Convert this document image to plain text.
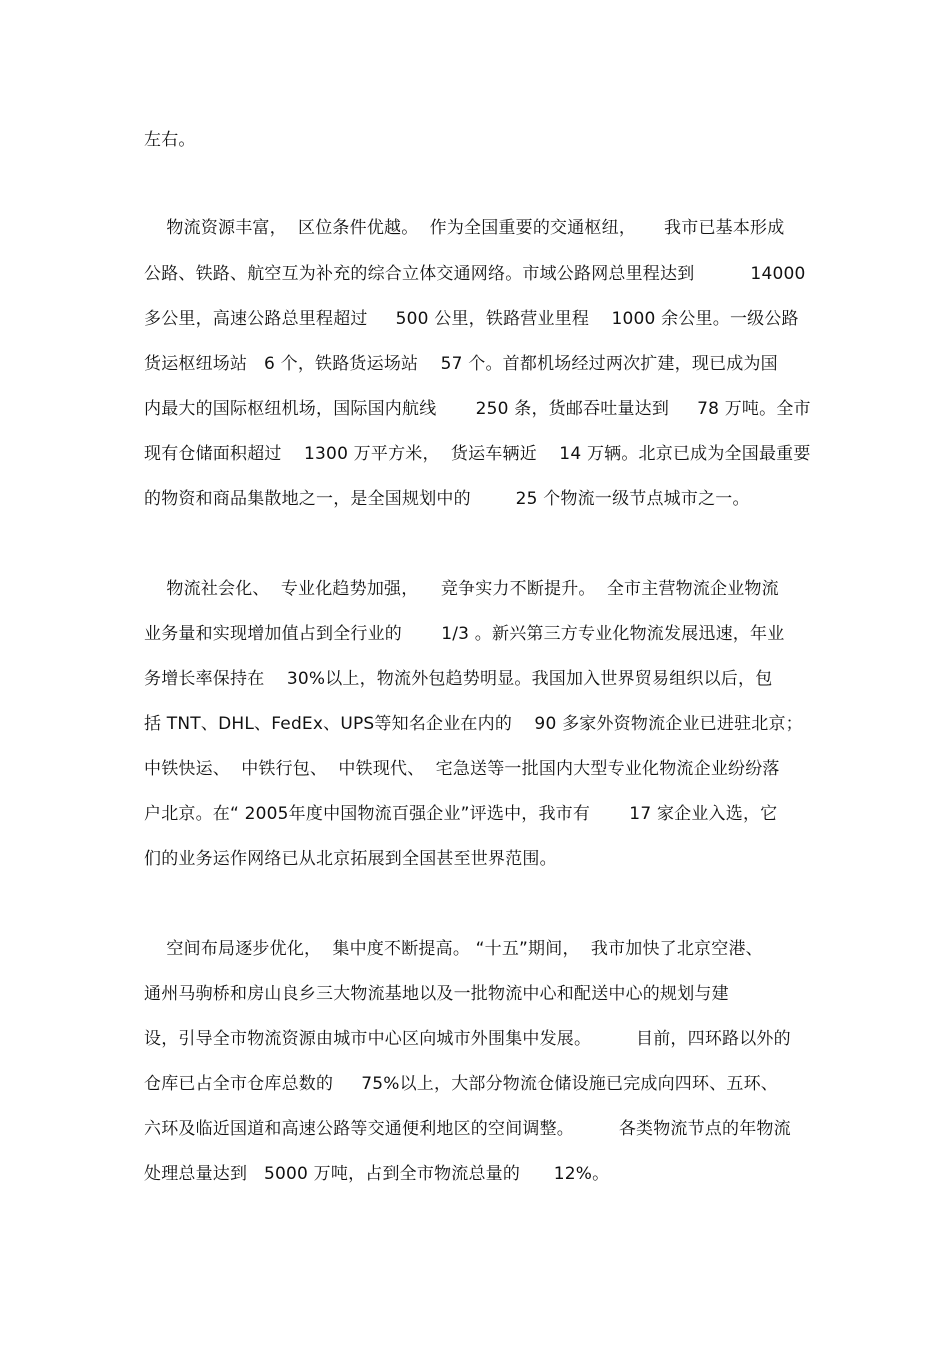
左右。
物流资源丰富，  区位条件优越。  作为全国重要的交通枢纽，     我市已基本形成
公路、铁路、航空互为补充的综合立体交通网络。市域公路网总里程达到          14000
多公里，高速公路总里程超过     500 公里，铁路营业里程    1000 余公里。一级公路
货运枢纽场站   6 个，铁路货运场站    57 个。首都机场经过两次扩建，现已成为国
内最大的国际枢纽机场，国际国内航线       250 条，货邮吞吐量达到     78 万吨。全市
现有仓储面积超过    1300 万平方米，  货运车辆近    14 万辆。北京已成为全国最重要
的物资和商品集散地之一，是全国规划中的        25 个物流一级节点城市之一。
物流社会化、  专业化趋势加强，    竞争实力不断提升。  全市主营物流企业物流
业务量和实现增加值占到全行业的       1/3 。新兴第三方专业化物流发展迅速，年业
务增长率保持在    30%以上，物流外包趋势明显。我国加入世界贸易组织以后，包
括 TNT、DHL、FedEx、UPS等知名企业在内的    90 多家外资物流企业已进驻北京；
中铁快运、  中铁行包、  中铁现代、  宅急送等一批国内大型专业化物流企业纷纷落
户北京。在“ 2005年度中国物流百强企业”评选中，我市有       17 家企业入选，它
们的业务运作网络已从北京拓展到全国甚至世界范围。
空间布局逐步优化，  集中度不断提高。 “十五”期间，  我市加快了北京空港、
通州马驹桥和房山良乡三大物流基地以及一批物流中心和配送中心的规划与建
设，引导全市物流资源由城市中心区向城市外围集中发展。        目前，四环路以外的
仓库已占全市仓库总数的     75%以上，大部分物流仓储设施已完成向四环、五环、
六环及临近国道和高速公路等交通便利地区的空间调整。        各类物流节点的年物流
处理总量达到   5000 万吨，占到全市物流总量的      12%。
